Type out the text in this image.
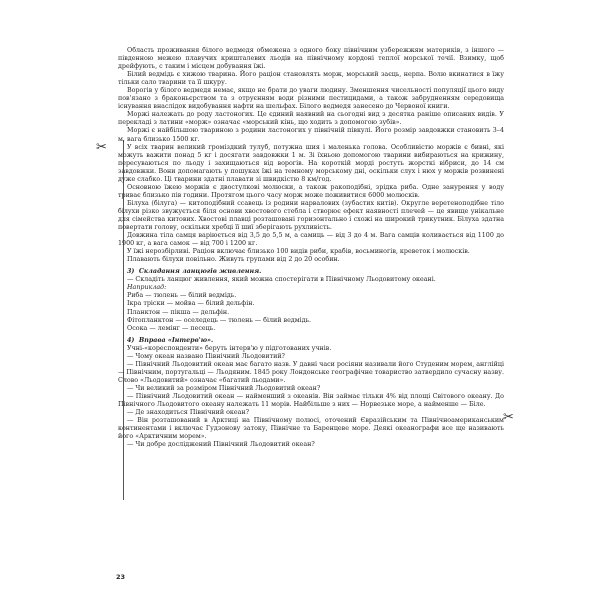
✂
✂

Область проживання білого ведмедя обмежена з одного боку північним узбережжям материків, з іншого — південною межею плавучих кришталевих льодів на північному кордоні теплої морської течії. Взимку, щоб дрейфують, с таким і місцем добування їжі.

Білий ведмідь є хижою тварина. Його раціон становлять морж, морський заєць, нерпа. Волю вкинатися в їжу тільки сало тварини та її шкуру.

Ворогів у білого ведмедя немає, якщо не брати до уваги людину. Зменшення чисельності популяції цього виду пов'язано з браконьєрством та з отруєнням води різними пестицидами, а також забрудненням середовища існування внаслідок видобування нафти на шельфах. Білого ведмедя занесено до Червоної книги.

Моржі належать до роду ластоногих. Це єдиний наявний на сьогодні вид з десятка раніше описаних видів. У перекладі з латини «морж» означає «морський кінь, що ходить з допомогою зубів».

Моржі є найбільшою твариною з родини ластоногих у північній півкулі. Його розмір завдовжки становить 3–4 м, вага близько 1500 кг.

У всіх тварин великий громіздкий тулуб, потужна шия і маленька голова. Особливістю моржів є бивні, які можуть важити понад 5 кг і досягати завдовжки 1 м. Зі їхньою допомогою тварини вибираються на крижину, пересуваються по льоду і захищаються від ворогів. На короткій морді ростуть жорсткі вібриси, до 14 см завдовжки. Вони допомагають у пошуках їжі на темному морському дні, оскільки слух і нюх у моржів розвинені дуже слабко. Ці тварини здатні плавати зі швидкістю 8 км/год.

Основною їжею моржів є двостулкові молюски, а також ракоподібні, зрідка риба. Одне занурення у воду триває близько пів години. Протягом цього часу морж може поживитися 6000 молюсків.

Білуха (білуга) — китоподібний ссавець із родини нарвалових (зубастих китів). Округле веретеноподібне тіло білухи різко звужується біля основи хвостового стебла і створює ефект наявності плечей — це явище унікальне для сімейства китових. Хвостові плавці розташовані горизонтально і схожі на широкий трикутник. Білуха здатна повертати голову, оскільки хребці її шиї зберігають рухливість.

Довжина тіла самця варіюється від 3,5 до 5,5 м, а самиць — від 3 до 4 м. Вага самців коливається від 1100 до 1900 кг, а вага самок — від 700 і 1200 кг.

У їжі нерозбірливі. Раціон включає близько 100 видів риби, крабів, восьминогів, креветок і молюсків.

Плавають білухи повільно. Живуть групами від 2 до 20 особин.

3) Складання ланцюгів живлення.

— Складіть ланцюг живлення, який можна спостерігати в Північному Льодовитому океані.

Наприклад:

Риба — тюлень — білий ведмідь.

Ікра тріски — мойва — білий дельфін.

Планктон — пікша — дельфін.

Фітопланктон — оселедець — тюлень — білий ведмідь.

Осока — лемінг — песець.

4) Вправа «Інтерв'ю».

Учні-«кореспонденти» беруть інтерв'ю у підготованих учнів.

— Чому океан названо Північний Льодовитий?

— Північний Льодовитий океан має багато назв. У давні часи росіяни називали його Студеним морем, англійці — Північним, португальці — Льодяним. 1845 року Лондонське географічне товариство затвердило сучасну назву. Слово «Льодовитий» означає «багатий льодами».

— Чи великий за розміром Північний Льодовитий океан?

— Північний Льодовитий океан — найменший з океанів. Він займає тільки 4% від площі Світового океану. До Північного Льодовитого океану належать 11 морів. Найбільше з них — Норвезьке море, а найменше — Біле.

— Де знаходиться Північний океан?

— Він розташований в Арктиці на Північному полюсі, оточений Євразійським та Північноамериканським континентами і включає Гудзонову затоку, Північне та Баренцеве море. Деякі океанографи все ще називають його «Арктичним морем».

— Чи добре досліджений Північний Льодовитий океан?

23
